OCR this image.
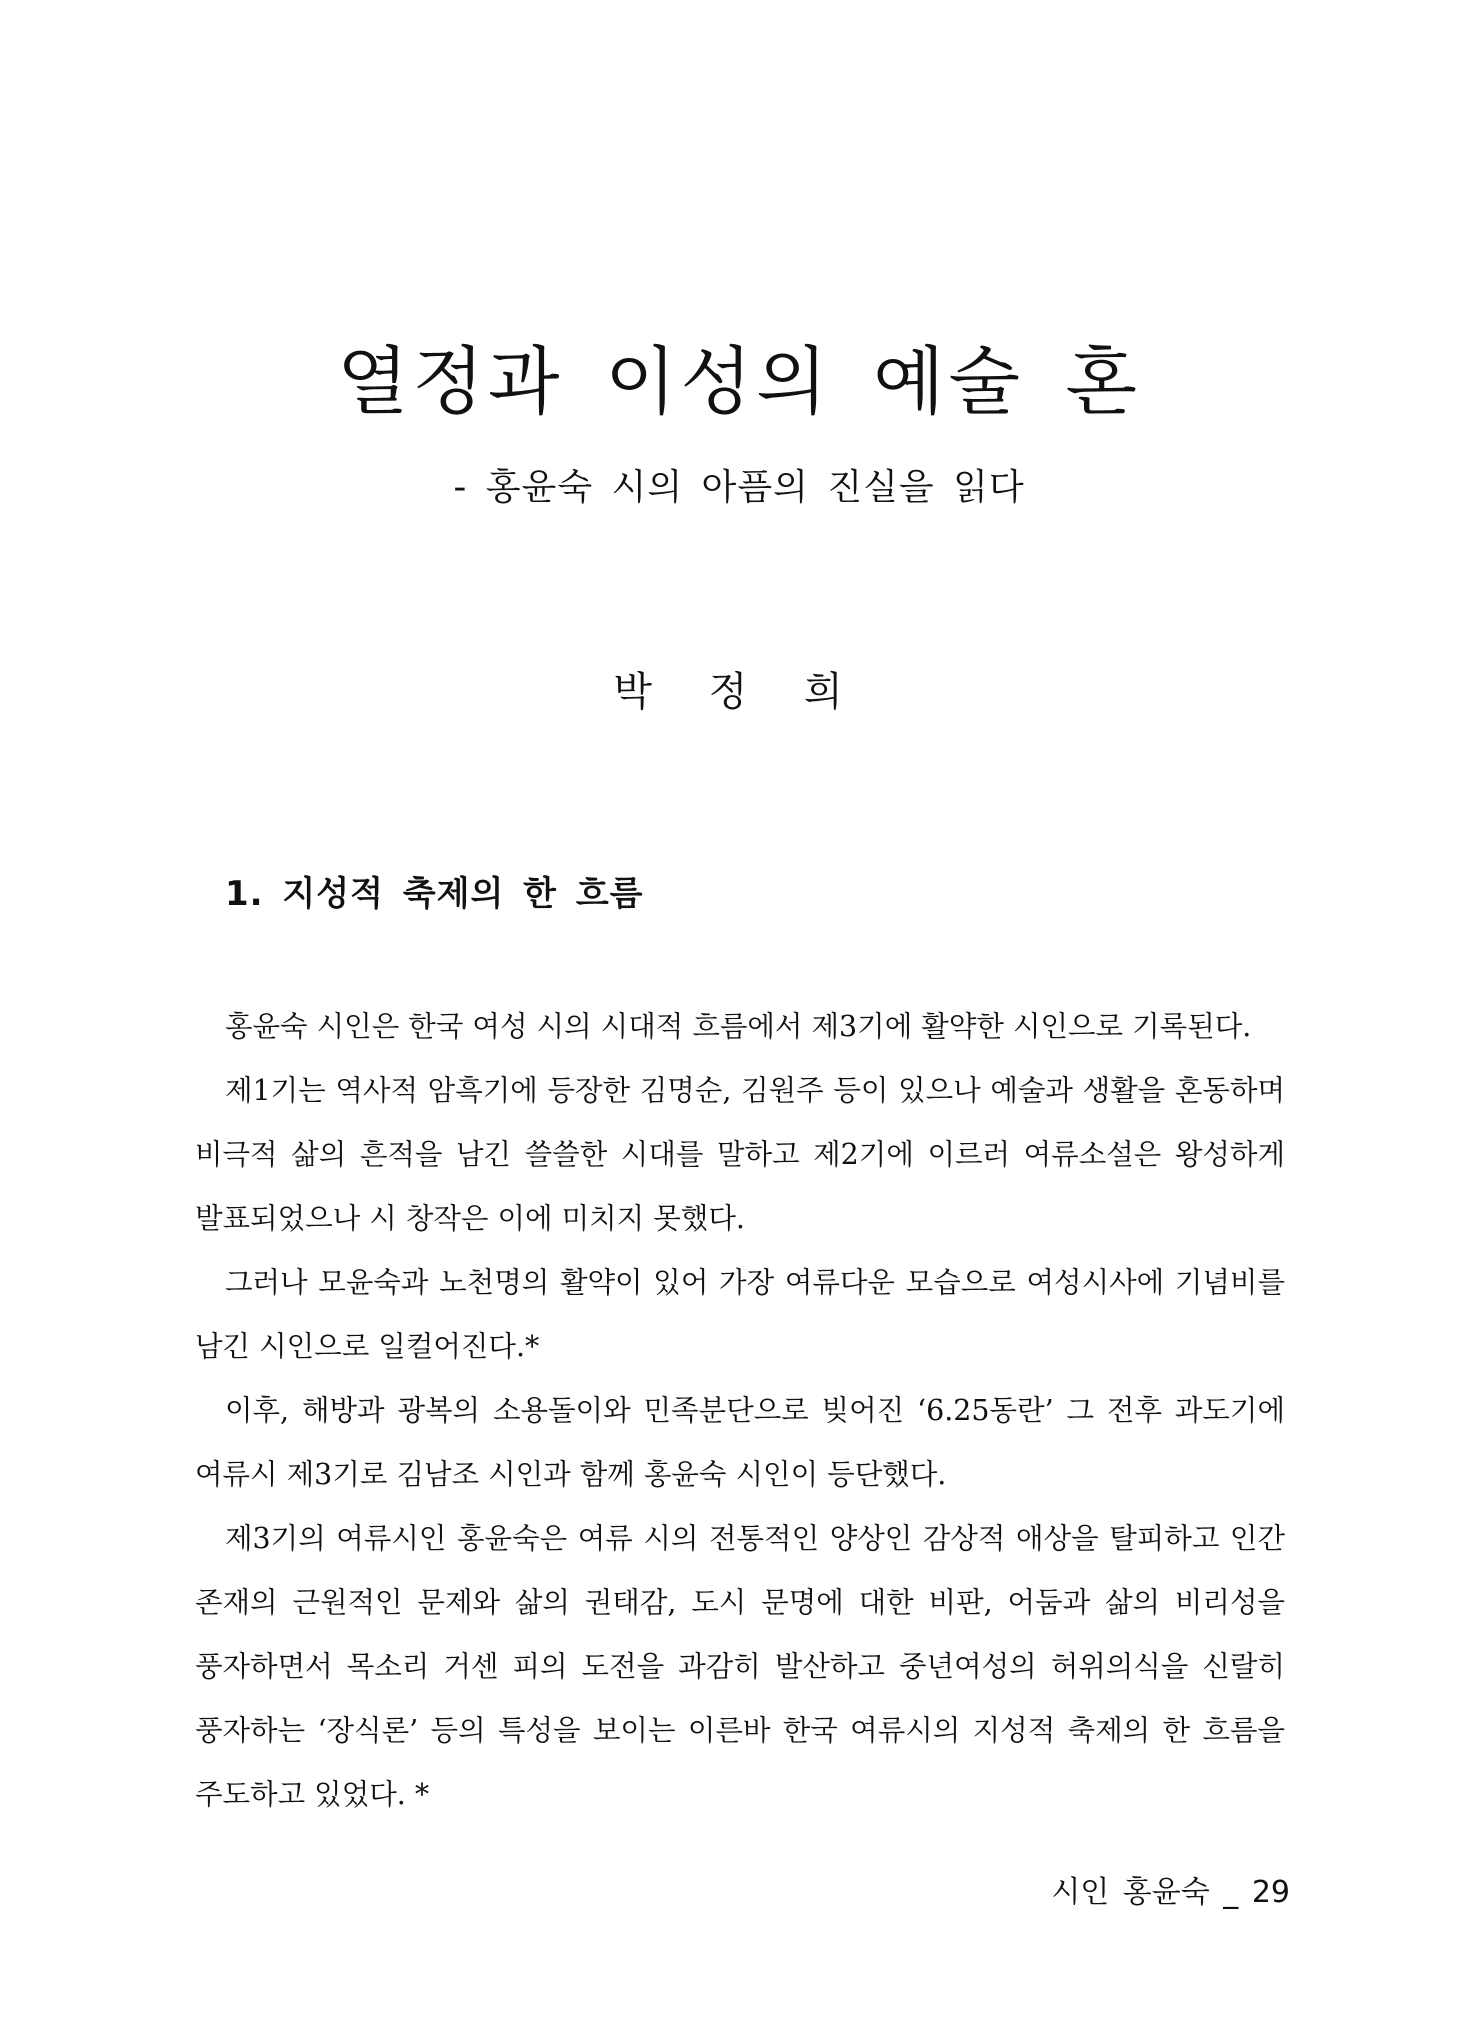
열정과 이성의 예술 혼
- 홍윤숙 시의 아픔의 진실을 읽다
박 정 희
1. 지성적 축제의 한 흐름

홍윤숙 시인은 한국 여성 시의 시대적 흐름에서 제3기에 활약한 시인으로 기록된다.

제1기는 역사적 암흑기에 등장한 김명순, 김원주 등이 있으나 예술과 생활을 혼동하며 비극적 삶의 흔적을 남긴 쓸쓸한 시대를 말하고 제2기에 이르러 여류소설은 왕성하게 발표되었으나 시 창작은 이에 미치지 못했다.

그러나 모윤숙과 노천명의 활약이 있어 가장 여류다운 모습으로 여성시사에 기념비를 남긴 시인으로 일컬어진다.*

이후, 해방과 광복의 소용돌이와 민족분단으로 빚어진 ‘6.25동란’ 그 전후 과도기에 여류시 제3기로 김남조 시인과 함께 홍윤숙 시인이 등단했다.

제3기의 여류시인 홍윤숙은 여류 시의 전통적인 양상인 감상적 애상을 탈피하고 인간 존재의 근원적인 문제와 삶의 권태감, 도시 문명에 대한 비판, 어둠과 삶의 비리성을 풍자하면서 목소리 거센 피의 도전을 과감히 발산하고 중년여성의 허위의식을 신랄히 풍자하는 ‘장식론’ 등의 특성을 보이는 이른바 한국 여류시의 지성적 축제의 한 흐름을 주도하고 있었다. *

시인 홍윤숙 _ 29
